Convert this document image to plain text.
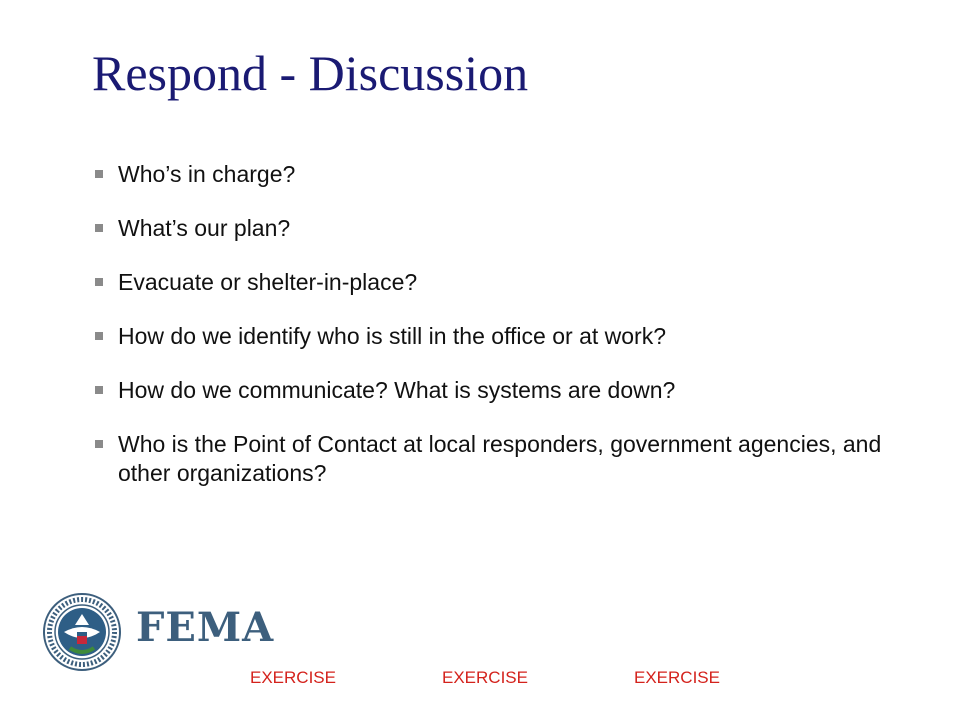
Respond - Discussion
Who’s in charge?
What’s our plan?
Evacuate or shelter-in-place?
How do we identify who is still in the office or at work?
How do we communicate? What is systems are down?
Who is the Point of Contact at local responders, government agencies, and other organizations?
FEMA
EXERCISE	EXERCISE	EXERCISE
